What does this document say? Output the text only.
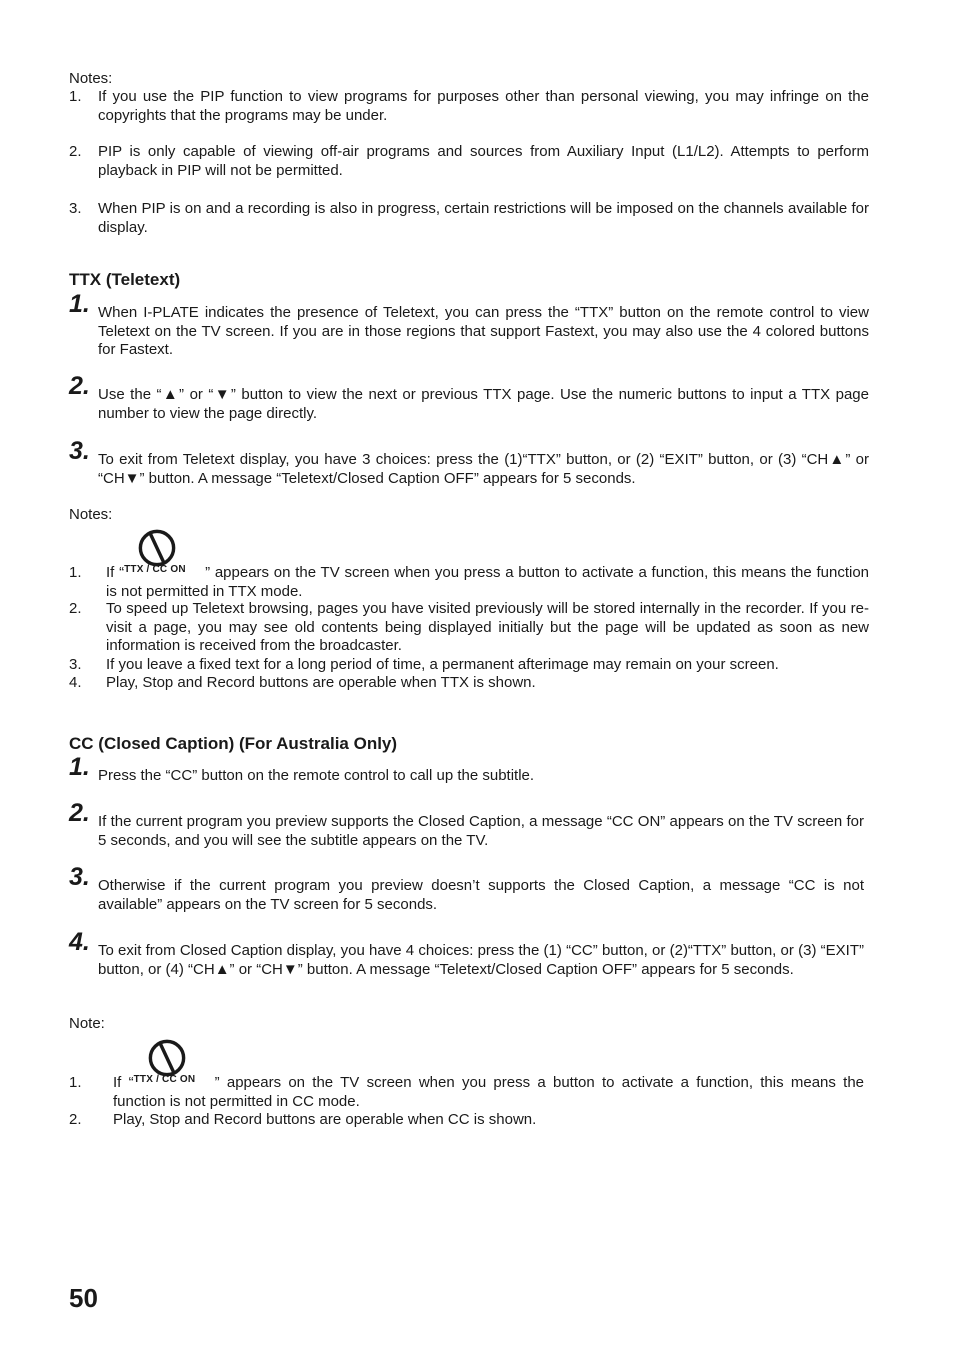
Notes:
1. If you use the PIP function to view programs for purposes other than personal viewing, you may infringe on the copyrights that the programs may be under.
2. PIP is only capable of viewing off-air programs and sources from Auxiliary Input (L1/L2). Attempts to perform playback in PIP will not be permitted.
3. When PIP is on and a recording is also in progress, certain restrictions will be imposed on the channels available for display.
TTX (Teletext)
1. When I-PLATE indicates the presence of Teletext, you can press the “TTX” button on the remote control to view Teletext on the TV screen. If you are in those regions that support Fastext, you may also use the 4 colored buttons for Fastext.
2. Use the “▲” or “▼” button to view the next or previous TTX page. Use the numeric buttons to input a TTX page number to view the page directly.
3. To exit from Teletext display, you have 3 choices: press the (1)“TTX” button, or (2) “EXIT” button, or (3) “CH▲” or “CH▼” button. A message “Teletext/Closed Caption OFF” appears for 5 seconds.
Notes:
1. If “ TTX / CC ON ” appears on the TV screen when you press a button to activate a function, this means the function is not permitted in TTX mode.
2. To speed up Teletext browsing, pages you have visited previously will be stored internally in the recorder. If you re-visit a page, you may see old contents being displayed initially but the page will be updated as soon as new information is received from the broadcaster.
3. If you leave a fixed text for a long period of time, a permanent afterimage may remain on your screen.
4. Play, Stop and Record buttons are operable when TTX is shown.
CC (Closed Caption) (For Australia Only)
1. Press the “CC” button on the remote control to call up the subtitle.
2. If the current program you preview supports the Closed Caption, a message “CC ON” appears on the TV screen for 5 seconds, and you will see the subtitle appears on the TV.
3. Otherwise if the current program you preview doesn’t supports the Closed Caption, a message “CC is not available” appears on the TV screen for 5 seconds.
4. To exit from Closed Caption display, you have 4 choices: press the (1) “CC” button, or (2)“TTX” button, or (3) “EXIT” button, or (4) “CH▲” or “CH▼” button. A message “Teletext/Closed Caption OFF” appears for 5 seconds.
Note:
1. If “ TTX / CC ON ” appears on the TV screen when you press a button to activate a function, this means the function is not permitted in CC mode.
2. Play, Stop and Record buttons are operable when CC is shown.
50
